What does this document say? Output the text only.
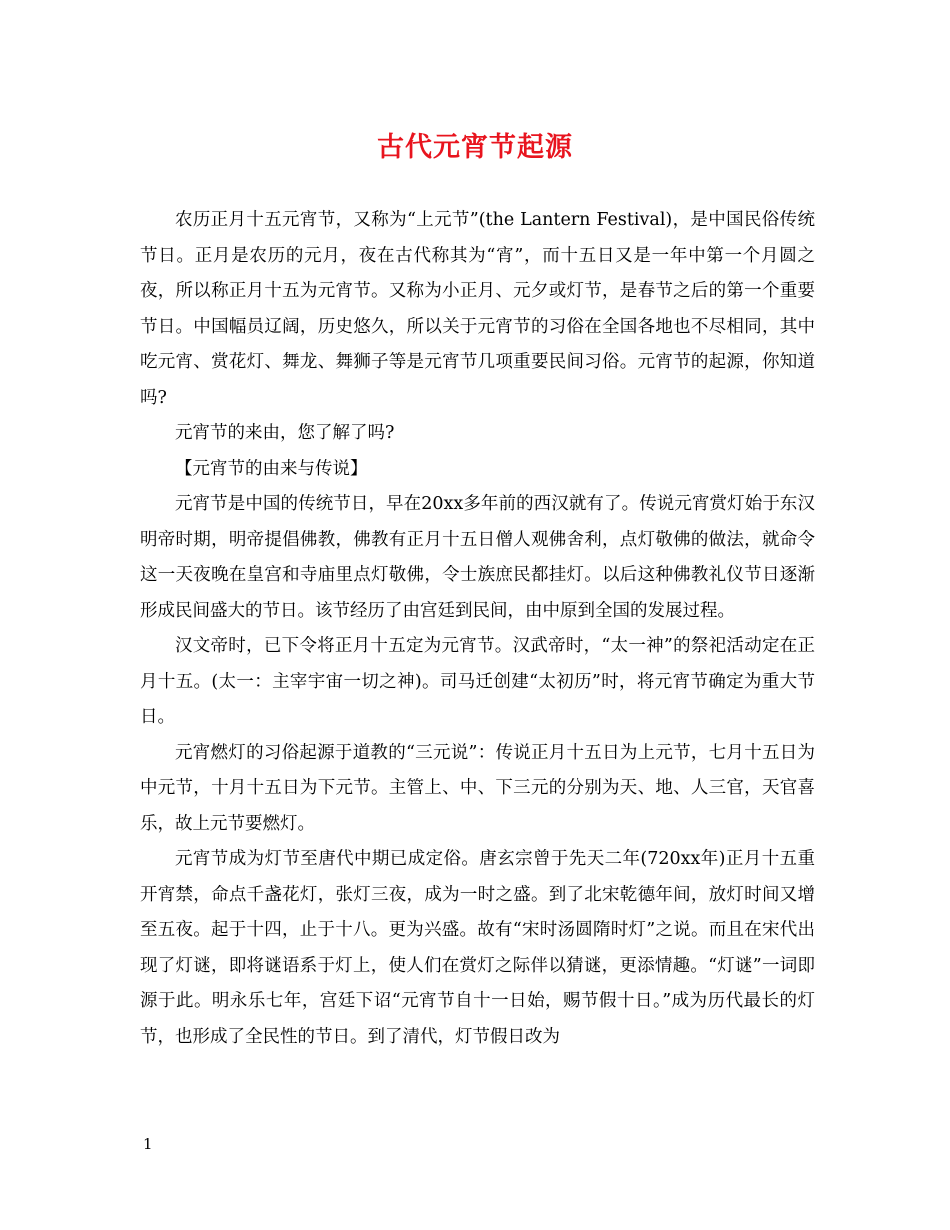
古代元宵节起源

农历正月十五元宵节，又称为“上元节”(the Lantern Festival)，是中国民俗传统节日。正月是农历的元月，夜在古代称其为“宵”，而十五日又是一年中第一个月圆之夜，所以称正月十五为元宵节。又称为小正月、元夕或灯节，是春节之后的第一个重要节日。中国幅员辽阔，历史悠久，所以关于元宵节的习俗在全国各地也不尽相同，其中吃元宵、赏花灯、舞龙、舞狮子等是元宵节几项重要民间习俗。元宵节的起源，你知道吗?

元宵节的来由，您了解了吗?

【元宵节的由来与传说】

元宵节是中国的传统节日，早在20xx多年前的西汉就有了。传说元宵赏灯始于东汉明帝时期，明帝提倡佛教，佛教有正月十五日僧人观佛舍利，点灯敬佛的做法，就命令这一天夜晚在皇宫和寺庙里点灯敬佛，令士族庶民都挂灯。以后这种佛教礼仪节日逐渐形成民间盛大的节日。该节经历了由宫廷到民间，由中原到全国的发展过程。

汉文帝时，已下令将正月十五定为元宵节。汉武帝时，“太一神”的祭祀活动定在正月十五。(太一：主宰宇宙一切之神)。司马迁创建“太初历”时，将元宵节确定为重大节日。

元宵燃灯的习俗起源于道教的“三元说”：传说正月十五日为上元节，七月十五日为中元节，十月十五日为下元节。主管上、中、下三元的分别为天、地、人三官，天官喜乐，故上元节要燃灯。

元宵节成为灯节至唐代中期已成定俗。唐玄宗曾于先天二年(720xx年)正月十五重开宵禁，命点千盏花灯，张灯三夜，成为一时之盛。到了北宋乾德年间，放灯时间又增至五夜。起于十四，止于十八。更为兴盛。故有“宋时汤圆隋时灯”之说。而且在宋代出现了灯谜，即将谜语系于灯上，使人们在赏灯之际伴以猜谜，更添情趣。“灯谜”一词即源于此。明永乐七年，宫廷下诏“元宵节自十一日始，赐节假十日。”成为历代最长的灯节，也形成了全民性的节日。到了清代，灯节假日改为

1
